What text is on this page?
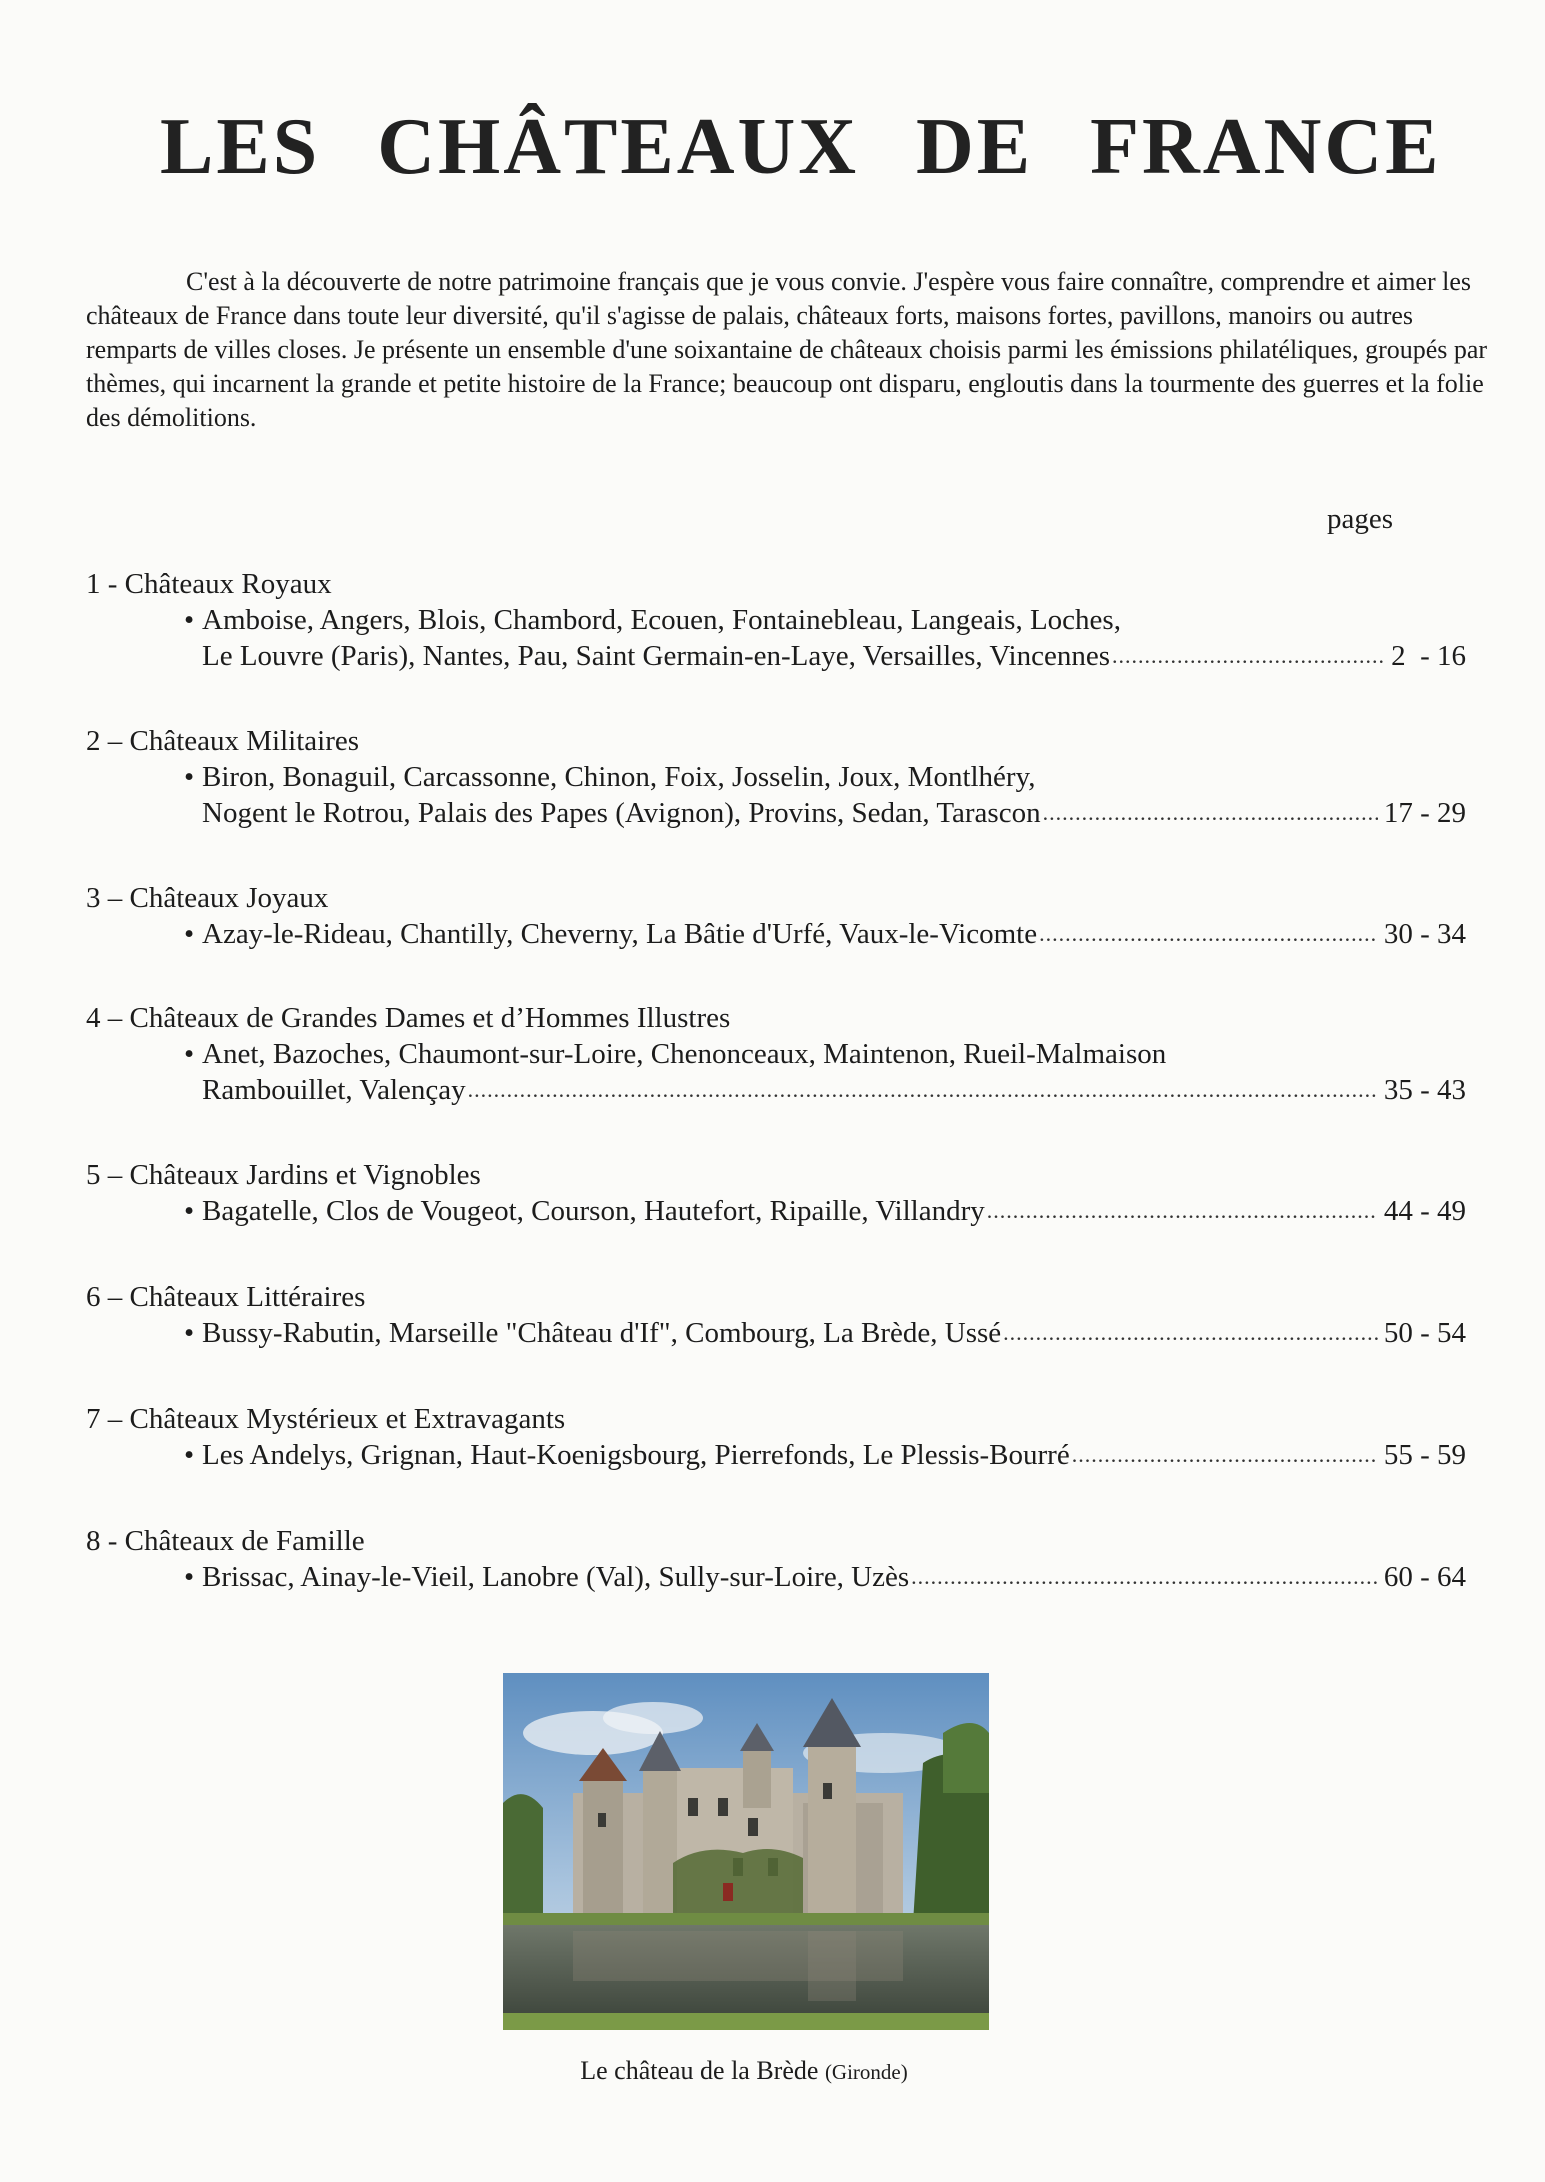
LES CHÂTEAUX DE FRANCE

C'est à la découverte de notre patrimoine français que je vous convie. J'espère vous faire connaître, comprendre et aimer les châteaux de France dans toute leur diversité, qu'il s'agisse de palais, châteaux forts, maisons fortes, pavillons, manoirs ou autres remparts de villes closes. Je présente un ensemble d'une soixantaine de châteaux choisis parmi les émissions philatéliques, groupés par thèmes, qui incarnent la grande et petite histoire de la France; beaucoup ont disparu, engloutis dans la tourmente des guerres et la folie des démolitions.

pages
1 - Châteaux Royaux
• Amboise, Angers, Blois, Chambord, Ecouen, Fontainebleau, Langeais, Loches,
Le Louvre (Paris), Nantes, Pau, Saint Germain-en-Laye, Versailles, Vincennes .....	2  - 16
2 – Châteaux Militaires
• Biron, Bonaguil, Carcassonne, Chinon, Foix, Josselin, Joux, Montlhéry,
Nogent le Rotrou, Palais des Papes (Avignon), Provins, Sedan, Tarascon .....	17 - 29
3 – Châteaux Joyaux
• Azay-le-Rideau, Chantilly, Cheverny, La Bâtie d'Urfé, Vaux-le-Vicomte .....	30 - 34
4 – Châteaux de Grandes Dames et d’Hommes Illustres
• Anet, Bazoches, Chaumont-sur-Loire, Chenonceaux, Maintenon, Rueil-Malmaison
Rambouillet, Valençay .....	35 - 43
5 – Châteaux Jardins et Vignobles
• Bagatelle, Clos de Vougeot, Courson, Hautefort, Ripaille, Villandry .....	44 - 49
6 – Châteaux Littéraires
• Bussy-Rabutin, Marseille "Château d'If", Combourg, La Brède, Ussé .....	50 - 54
7 – Châteaux Mystérieux et Extravagants
• Les Andelys, Grignan, Haut-Koenigsbourg, Pierrefonds, Le Plessis-Bourré .....	55 - 59
8 - Châteaux de Famille
• Brissac, Ainay-le-Vieil, Lanobre (Val), Sully-sur-Loire, Uzès .....	60 - 64
Le château de la Brède (Gironde)
